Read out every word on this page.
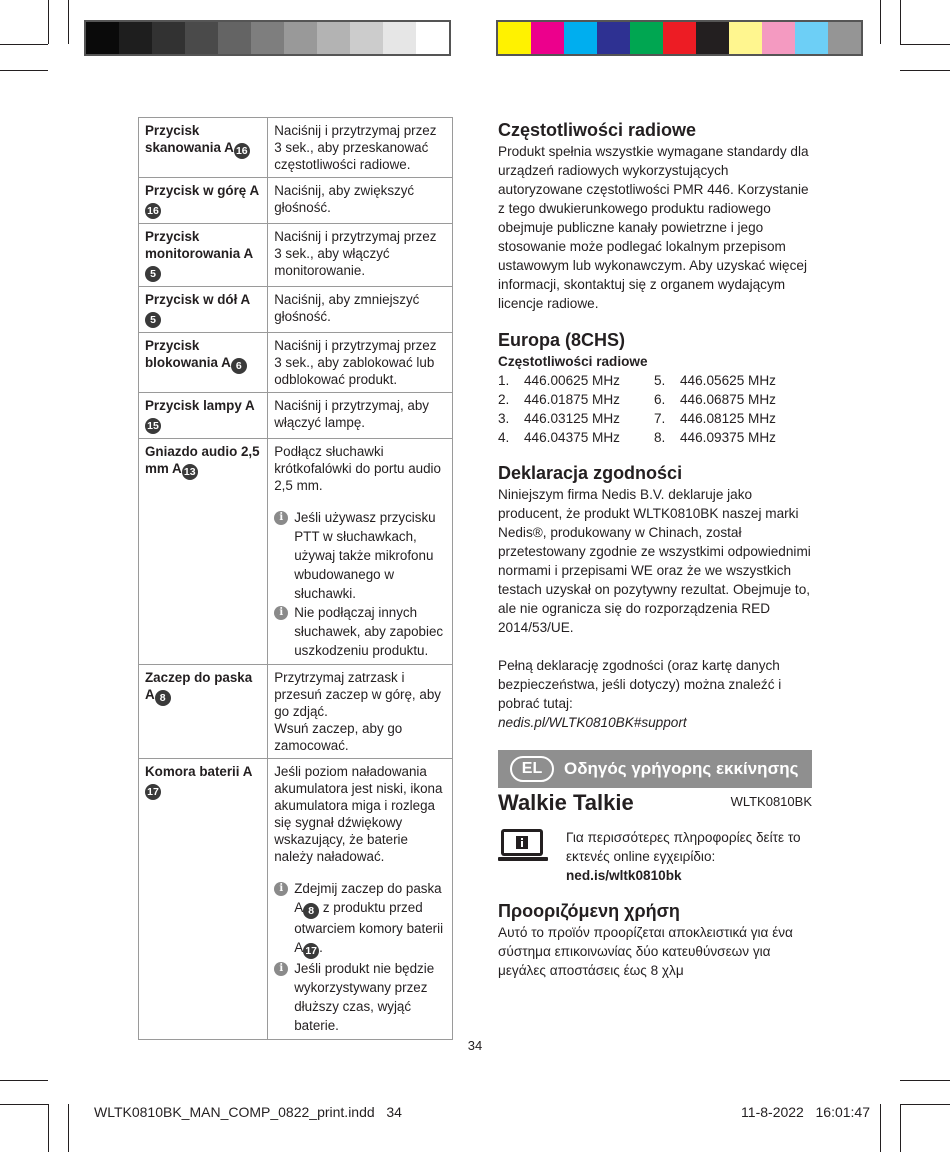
Przycisk skanowania A 16	Naciśnij i przytrzymaj przez 3 sek., aby przeskanować częstotliwości radiowe.
Przycisk w górę A16	Naciśnij, aby zwiększyć głośność.
Przycisk monitorowania A5	Naciśnij i przytrzymaj przez 3 sek., aby włączyć monitorowanie.
Przycisk w dół A5	Naciśnij, aby zmniejszyć głośność.
Przycisk blokowania A 6	Naciśnij i przytrzymaj przez 3 sek., aby zablokować lub odblokować produkt.
Przycisk lampy A15	Naciśnij i przytrzymaj, aby włączyć lampę.
Gniazdo audio 2,5 mm A 13	Podłącz słuchawki krótkofalówki do portu audio 2,5 mm.
i Jeśli używasz przycisku PTT w słuchawkach, używaj także mikrofonu wbudowanego w słuchawki.
i Nie podłączaj innych słuchawek, aby zapobiec uszkodzeniu produktu.

Zaczep do paska A 8	Przytrzymaj zatrzask i przesuń zaczep w górę, aby go zdjąć.
Wsuń zaczep, aby go zamocować.

Komora baterii A17	Jeśli poziom naładowania akumulatora jest niski, ikona akumulatora miga i rozlega się sygnał dźwiękowy wskazujący, że baterie należy naładować.
i Zdejmij zaczep do paska A 8 z produktu przed otwarciem komory baterii A 17 .
i Jeśli produkt nie będzie wykorzystywany przez dłuższy czas, wyjąć baterie.
Częstotliwości radiowe

Produkt spełnia wszystkie wymagane standardy dla urządzeń radiowych wykorzystujących autoryzowane częstotliwości PMR 446. Korzystanie z tego dwukierunkowego produktu radiowego obejmuje publiczne kanały powietrzne i jego stosowanie może podlegać lokalnym przepisom ustawowym lub wykonawczym. Aby uzyskać więcej informacji, skontaktuj się z organem wydającym licencje radiowe.

Europa (8CHS)
Częstotliwości radiowe
1.	446.00625 MHz	5.	446.05625 MHz
2.	446.01875 MHz	6.	446.06875 MHz
3.	446.03125 MHz	7.	446.08125 MHz
4.	446.04375 MHz	8.	446.09375 MHz
Deklaracja zgodności

Niniejszym firma Nedis B.V. deklaruje jako producent, że produkt WLTK0810BK naszej marki Nedis®, produkowany w Chinach, został przetestowany zgodnie ze wszystkimi odpowiednimi normami i przepisami WE oraz że we wszystkich testach uzyskał on pozytywny rezultat. Obejmuje to, ale nie ogranicza się do rozporządzenia RED 2014/53/UE.

Pełną deklarację zgodności (oraz kartę danych bezpieczeństwa, jeśli dotyczy) można znaleźć i pobrać tutaj:

nedis.pl/WLTK0810BK#support

EL	Οδηγός γρήγορης εκκίνησης
Walkie Talkie	WLTK0810BK

Για περισσότερες πληροφορίες δείτε το εκτενές online εγχειρίδιο:

ned.is/wltk0810bk

Προοριζόμενη χρήση

Αυτό το προϊόν προορίζεται αποκλειστικά για ένα σύστημα επικοινωνίας δύο κατευθύνσεων για μεγάλες αποστάσεις έως 8 χλμ

34
WLTK0810BK_MAN_COMP_0822_print.indd   34	11-8-2022   16:01:47
